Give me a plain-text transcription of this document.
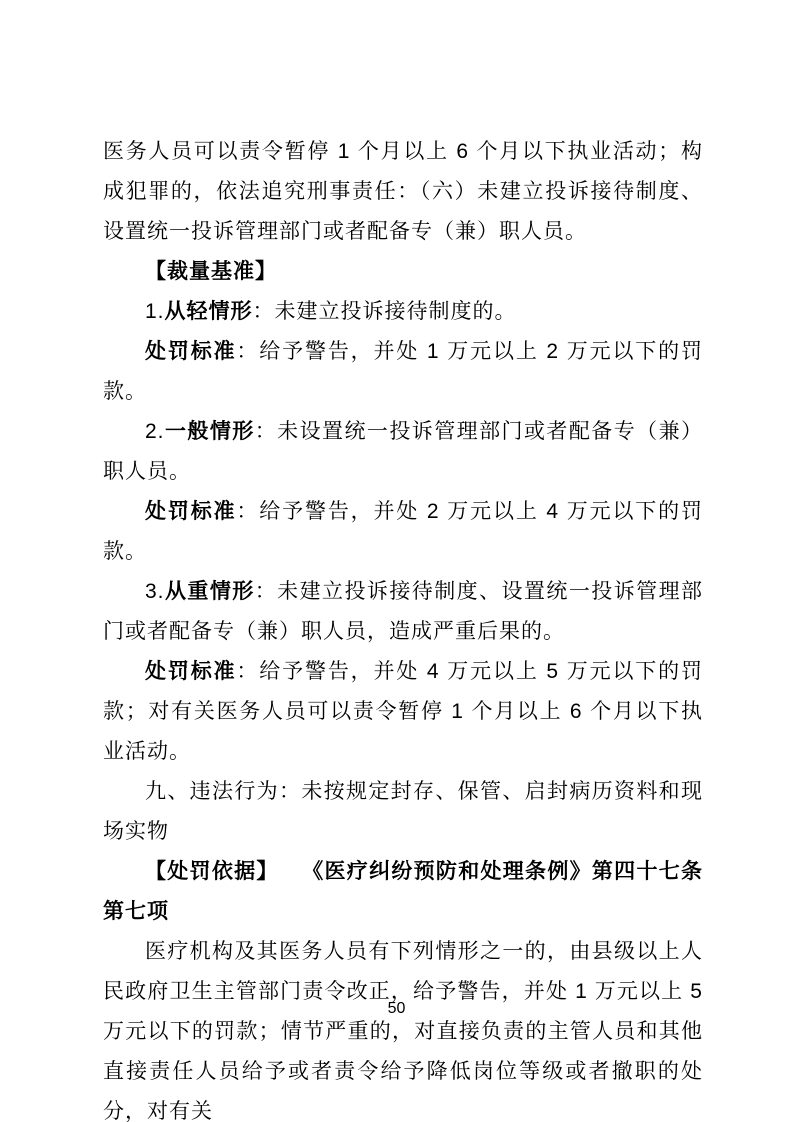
医务人员可以责令暂停 1 个月以上 6 个月以下执业活动；构成犯罪的，依法追究刑事责任：（六）未建立投诉接待制度、设置统一投诉管理部门或者配备专（兼）职人员。

【裁量基准】

1.从轻情形：未建立投诉接待制度的。

处罚标准：给予警告，并处 1 万元以上 2 万元以下的罚款。

2.一般情形：未设置统一投诉管理部门或者配备专（兼）职人员。

处罚标准：给予警告，并处 2 万元以上 4 万元以下的罚款。

3.从重情形：未建立投诉接待制度、设置统一投诉管理部门或者配备专（兼）职人员，造成严重后果的。

处罚标准：给予警告，并处 4 万元以上 5 万元以下的罚款；对有关医务人员可以责令暂停 1 个月以上 6 个月以下执业活动。

九、违法行为：未按规定封存、保管、启封病历资料和现场实物

【处罚依据】　　《医疗纠纷预防和处理条例》第四十七条第七项

医疗机构及其医务人员有下列情形之一的，由县级以上人民政府卫生主管部门责令改正，给予警告，并处 1 万元以上 5 万元以下的罚款；情节严重的，对直接负责的主管人员和其他直接责任人员给予或者责令给予降低岗位等级或者撤职的处分，对有关

50
